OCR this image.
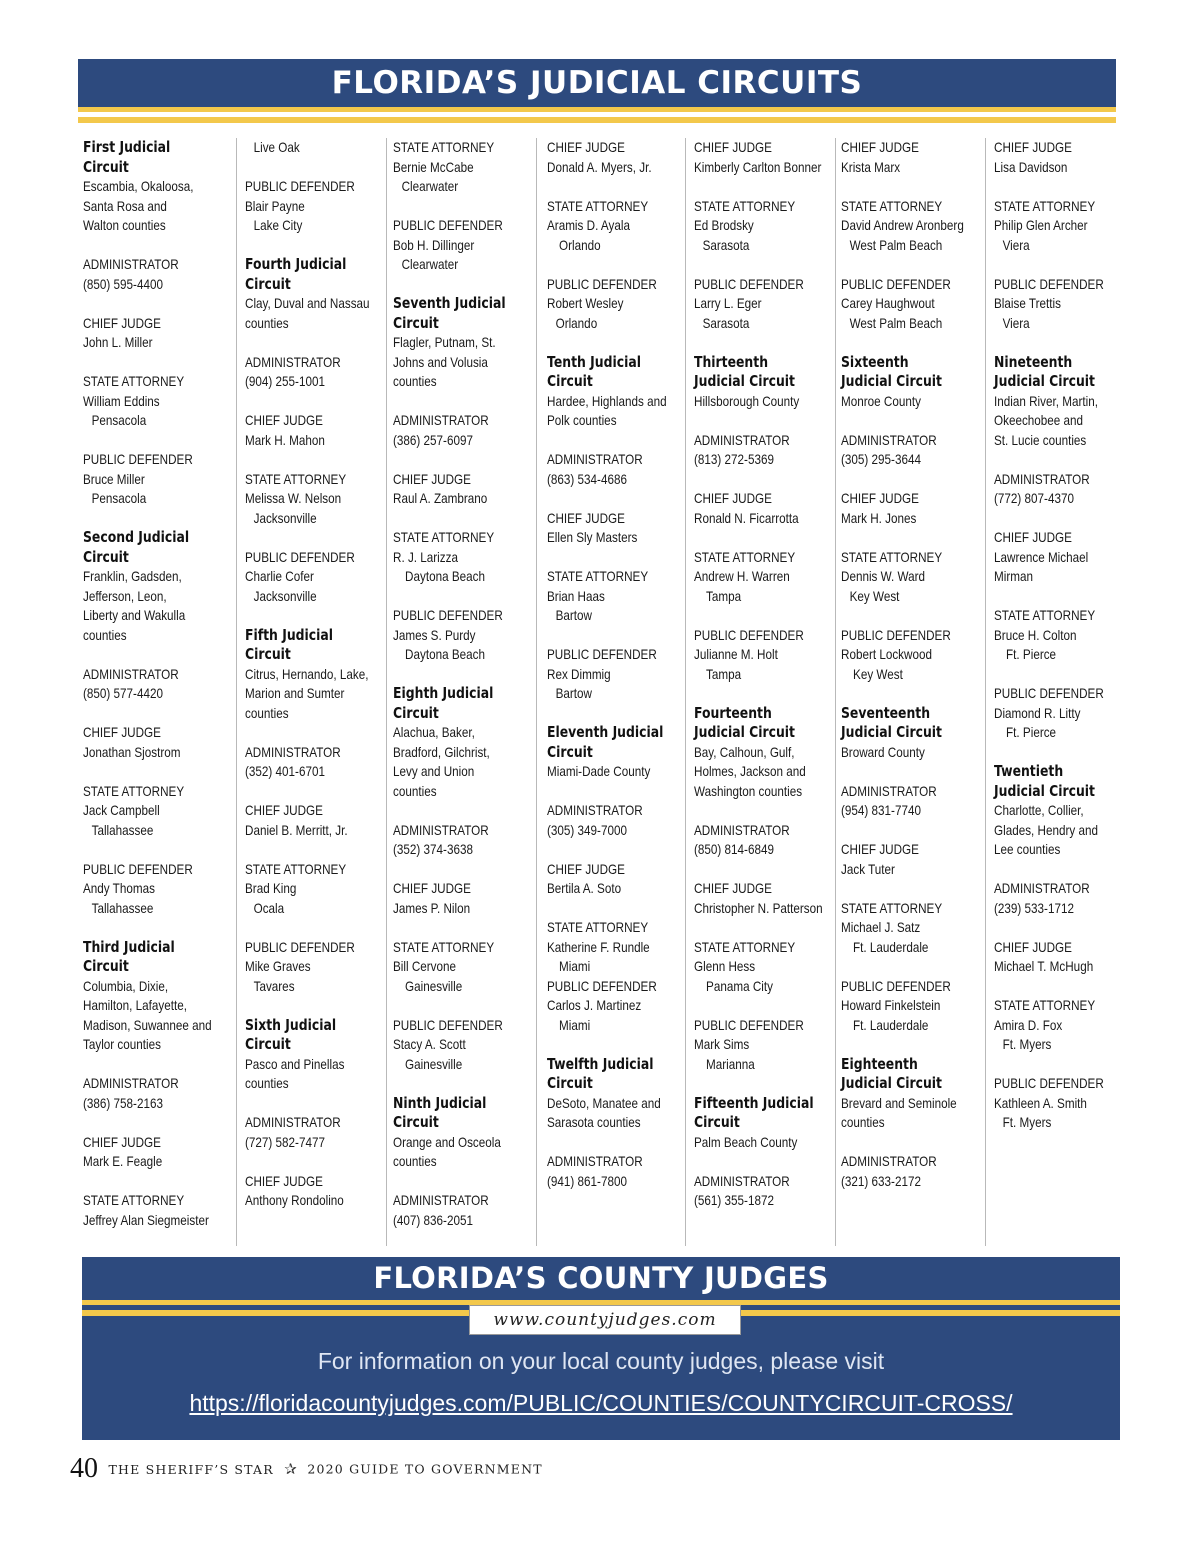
FLORIDA’S JUDICIAL CIRCUITS
First Judicial
Circuit
Escambia, Okaloosa,
Santa Rosa and
Walton counties
ADMINISTRATOR
(850) 595-4400
CHIEF JUDGE
John L. Miller
STATE ATTORNEY
William Eddins
Pensacola
PUBLIC DEFENDER
Bruce Miller
Pensacola
Second Judicial
Circuit
Franklin, Gadsden,
Jefferson, Leon,
Liberty and Wakulla
counties
ADMINISTRATOR
(850) 577-4420
CHIEF JUDGE
Jonathan Sjostrom
STATE ATTORNEY
Jack Campbell
Tallahassee
PUBLIC DEFENDER
Andy Thomas
Tallahassee
Third Judicial
Circuit
Columbia, Dixie,
Hamilton, Lafayette,
Madison, Suwannee and
Taylor counties
ADMINISTRATOR
(386) 758-2163
CHIEF JUDGE
Mark E. Feagle
STATE ATTORNEY
Jeffrey Alan Siegmeister
Live Oak
PUBLIC DEFENDER
Blair Payne
Lake City
Fourth Judicial
Circuit
Clay, Duval and Nassau
counties
ADMINISTRATOR
(904) 255-1001
CHIEF JUDGE
Mark H. Mahon
STATE ATTORNEY
Melissa W. Nelson
Jacksonville
PUBLIC DEFENDER
Charlie Cofer
Jacksonville
Fifth Judicial
Circuit
Citrus, Hernando, Lake,
Marion and Sumter
counties
ADMINISTRATOR
(352) 401-6701
CHIEF JUDGE
Daniel B. Merritt, Jr.
STATE ATTORNEY
Brad King
Ocala
PUBLIC DEFENDER
Mike Graves
Tavares
Sixth Judicial
Circuit
Pasco and Pinellas
counties
ADMINISTRATOR
(727) 582-7477
CHIEF JUDGE
Anthony Rondolino
STATE ATTORNEY
Bernie McCabe
Clearwater
PUBLIC DEFENDER
Bob H. Dillinger
Clearwater
Seventh Judicial
Circuit
Flagler, Putnam, St.
Johns and Volusia
counties
ADMINISTRATOR
(386) 257-6097
CHIEF JUDGE
Raul A. Zambrano
STATE ATTORNEY
R. J. Larizza
Daytona Beach
PUBLIC DEFENDER
James S. Purdy
Daytona Beach
Eighth Judicial
Circuit
Alachua, Baker,
Bradford, Gilchrist,
Levy and Union
counties
ADMINISTRATOR
(352) 374-3638
CHIEF JUDGE
James P. Nilon
STATE ATTORNEY
Bill Cervone
Gainesville
PUBLIC DEFENDER
Stacy A. Scott
Gainesville
Ninth Judicial
Circuit
Orange and Osceola
counties
ADMINISTRATOR
(407) 836-2051
CHIEF JUDGE
Donald A. Myers, Jr.
STATE ATTORNEY
Aramis D. Ayala
Orlando
PUBLIC DEFENDER
Robert Wesley
Orlando
Tenth Judicial
Circuit
Hardee, Highlands and
Polk counties
ADMINISTRATOR
(863) 534-4686
CHIEF JUDGE
Ellen Sly Masters
STATE ATTORNEY
Brian Haas
Bartow
PUBLIC DEFENDER
Rex Dimmig
Bartow
Eleventh Judicial
Circuit
Miami-Dade County
ADMINISTRATOR
(305) 349-7000
CHIEF JUDGE
Bertila A. Soto
STATE ATTORNEY
Katherine F. Rundle
Miami
PUBLIC DEFENDER
Carlos J. Martinez
Miami
Twelfth Judicial
Circuit
DeSoto, Manatee and
Sarasota counties
ADMINISTRATOR
(941) 861-7800
CHIEF JUDGE
Kimberly Carlton Bonner
STATE ATTORNEY
Ed Brodsky
Sarasota
PUBLIC DEFENDER
Larry L. Eger
Sarasota
Thirteenth
Judicial Circuit
Hillsborough County
ADMINISTRATOR
(813) 272-5369
CHIEF JUDGE
Ronald N. Ficarrotta
STATE ATTORNEY
Andrew H. Warren
Tampa
PUBLIC DEFENDER
Julianne M. Holt
Tampa
Fourteenth
Judicial Circuit
Bay, Calhoun, Gulf,
Holmes, Jackson and
Washington counties
ADMINISTRATOR
(850) 814-6849
CHIEF JUDGE
Christopher N. Patterson
STATE ATTORNEY
Glenn Hess
Panama City
PUBLIC DEFENDER
Mark Sims
Marianna
Fifteenth Judicial
Circuit
Palm Beach County
ADMINISTRATOR
(561) 355-1872
CHIEF JUDGE
Krista Marx
STATE ATTORNEY
David Andrew Aronberg
West Palm Beach
PUBLIC DEFENDER
Carey Haughwout
West Palm Beach
Sixteenth
Judicial Circuit
Monroe County
ADMINISTRATOR
(305) 295-3644
CHIEF JUDGE
Mark H. Jones
STATE ATTORNEY
Dennis W. Ward
Key West
PUBLIC DEFENDER
Robert Lockwood
Key West
Seventeenth
Judicial Circuit
Broward County
ADMINISTRATOR
(954) 831-7740
CHIEF JUDGE
Jack Tuter
STATE ATTORNEY
Michael J. Satz
Ft. Lauderdale
PUBLIC DEFENDER
Howard Finkelstein
Ft. Lauderdale
Eighteenth
Judicial Circuit
Brevard and Seminole
counties
ADMINISTRATOR
(321) 633-2172
CHIEF JUDGE
Lisa Davidson
STATE ATTORNEY
Philip Glen Archer
Viera
PUBLIC DEFENDER
Blaise Trettis
Viera
Nineteenth
Judicial Circuit
Indian River, Martin,
Okeechobee and
St. Lucie counties
ADMINISTRATOR
(772) 807-4370
CHIEF JUDGE
Lawrence Michael
Mirman
STATE ATTORNEY
Bruce H. Colton
Ft. Pierce
PUBLIC DEFENDER
Diamond R. Litty
Ft. Pierce
Twentieth
Judicial Circuit
Charlotte, Collier,
Glades, Hendry and
Lee counties
ADMINISTRATOR
(239) 533-1712
CHIEF JUDGE
Michael T. McHugh
STATE ATTORNEY
Amira D. Fox
Ft. Myers
PUBLIC DEFENDER
Kathleen A. Smith
Ft. Myers
FLORIDA’S COUNTY JUDGES
www.countyjudges.com
For information on your local county judges, please visit
https://floridacountyjudges.com/PUBLIC/COUNTIES/COUNTYCIRCUIT-CROSS/
40 THE SHERIFF’S STAR ✰ 2020 GUIDE TO GOVERNMENT
